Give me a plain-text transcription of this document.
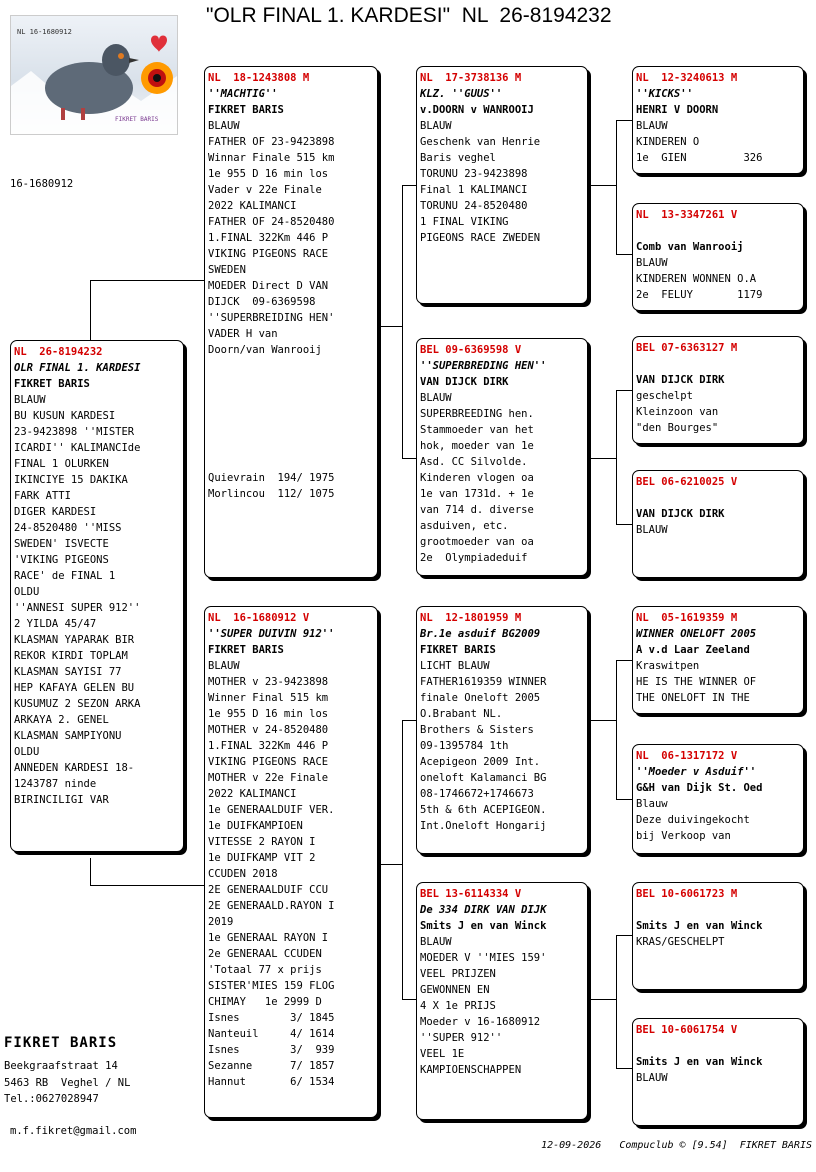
"OLR FINAL 1. KARDESI"  NL  26-8194232
NL 16-1680912
FIKRET BARIS
16-1680912
NL  26-8194232
OLR FINAL 1. KARDESI
FIKRET BARIS
BLAUW
BU KUSUN KARDESI
23-9423898 ''MISTER
ICARDI'' KALIMANCIde
FINAL 1 OLURKEN
IKINCIYE 15 DAKIKA
FARK ATTI
DIGER KARDESI
24-8520480 ''MISS
SWEDEN' ISVECTE
'VIKING PIGEONS
RACE' de FINAL 1
OLDU
''ANNESI SUPER 912''
2 YILDA 45/47
KLASMAN YAPARAK BIR
REKOR KIRDI TOPLAM
KLASMAN SAYISI 77
HEP KAFAYA GELEN BU
KUSUMUZ 2 SEZON ARKA
ARKAYA 2. GENEL
KLASMAN SAMPIYONU
OLDU
ANNEDEN KARDESI 18-
1243787 ninde
BIRINCILIGI VAR
NL  18-1243808 M
''MACHTIG''
FIKRET BARIS
BLAUW
FATHER OF 23-9423898
Winnar Finale 515 km
1e 955 D 16 min los
Vader v 22e Finale
2022 KALIMANCI
FATHER OF 24-8520480
1.FINAL 322Km 446 P
VIKING PIGEONS RACE
SWEDEN
MOEDER Direct D VAN
DIJCK  09-6369598
''SUPERBREIDING HEN'
VADER H van
Doorn/van Wanrooij
Quievrain  194/ 1975
Morlincou  112/ 1075
NL  16-1680912 V
''SUPER DUIVIN 912''
FIKRET BARIS
BLAUW
MOTHER v 23-9423898
Winner Final 515 km
1e 955 D 16 min los
MOTHER v 24-8520480
1.FINAL 322Km 446 P
VIKING PIGEONS RACE
MOTHER v 22e Finale
2022 KALIMANCI
1e GENERAALDUIF VER.
1e DUIFKAMPIOEN
VITESSE 2 RAYON I
1e DUIFKAMP VIT 2
CCUDEN 2018
2E GENERAALDUIF CCU
2E GENERAALD.RAYON I
2019
1e GENERAAL RAYON I
2e GENERAAL CCUDEN
'Totaal 77 x prijs
SISTER'MIES 159 FLOG
CHIMAY   1e 2999 D
Isnes        3/ 1845
Nanteuil     4/ 1614
Isnes        3/  939
Sezanne      7/ 1857
Hannut       6/ 1534
NL  17-3738136 M
KLZ. ''GUUS''
v.DOORN v WANROOIJ
BLAUW
Geschenk van Henrie
Baris veghel
TORUNU 23-9423898
Final 1 KALIMANCI
TORUNU 24-8520480
1 FINAL VIKING
PIGEONS RACE ZWEDEN
BEL 09-6369598 V
''SUPERBREDING HEN''
VAN DIJCK DIRK
BLAUW
SUPERBREEDING hen.
Stammoeder van het
hok, moeder van 1e
Asd. CC Silvolde.
Kinderen vlogen oa
1e van 1731d. + 1e
van 714 d. diverse
asduiven, etc.
grootmoeder van oa
2e  Olympiadeduif
NL  12-1801959 M
Br.1e asduif BG2009
FIKRET BARIS
LICHT BLAUW
FATHER1619359 WINNER
finale Oneloft 2005
O.Brabant NL.
Brothers & Sisters
09-1395784 1th
Acepigeon 2009 Int.
oneloft Kalamanci BG
08-1746672+1746673
5th & 6th ACEPIGEON.
Int.Oneloft Hongarij
BEL 13-6114334 V
De 334 DIRK VAN DIJK
Smits J en van Winck
BLAUW
MOEDER V ''MIES 159'
VEEL PRIJZEN
GEWONNEN EN
4 X 1e PRIJS
Moeder v 16-1680912
''SUPER 912''
VEEL 1E
KAMPIOENSCHAPPEN
NL  12-3240613 M
''KICKS''
HENRI V DOORN
BLAUW
KINDEREN O
1e  GIEN         326
NL  13-3347261 V
Comb van Wanrooij
BLAUW
KINDEREN WONNEN O.A
2e  FELUY       1179
BEL 07-6363127 M
VAN DIJCK DIRK
geschelpt
Kleinzoon van
"den Bourges"
BEL 06-6210025 V
VAN DIJCK DIRK
BLAUW
NL  05-1619359 M
WINNER ONELOFT 2005
A v.d Laar Zeeland
Kraswitpen
HE IS THE WINNER OF
THE ONELOFT IN THE
NL  06-1317172 V
''Moeder v Asduif''
G&H van Dijk St. Oed
Blauw
Deze duivingekocht
bij Verkoop van
BEL 10-6061723 M
Smits J en van Winck
KRAS/GESCHELPT
BEL 10-6061754 V
Smits J en van Winck
BLAUW
FIKRET BARIS
Beekgraafstraat 14
5463 RB  Veghel / NL
Tel.:0627028947
m.f.fikret@gmail.com
12-09-2026   Compuclub © [9.54]  FIKRET BARIS
